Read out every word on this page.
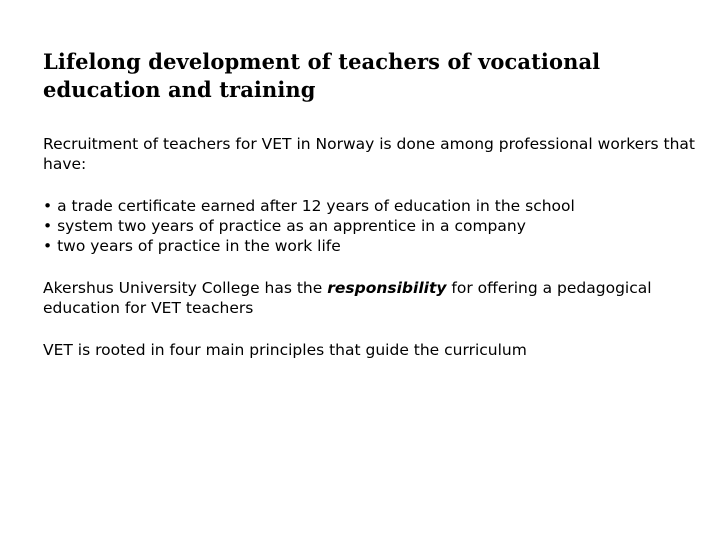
Lifelong development of teachers of vocational education and training

Recruitment of teachers for VET in Norway is done among professional workers that have:

• a trade certificate earned after 12 years of education in the school
• system two years of practice as an apprentice in a company
• two years of practice in the work life

Akershus University College has the responsibility for offering a pedagogical education for VET teachers

VET is rooted in four main principles that guide the curriculum
